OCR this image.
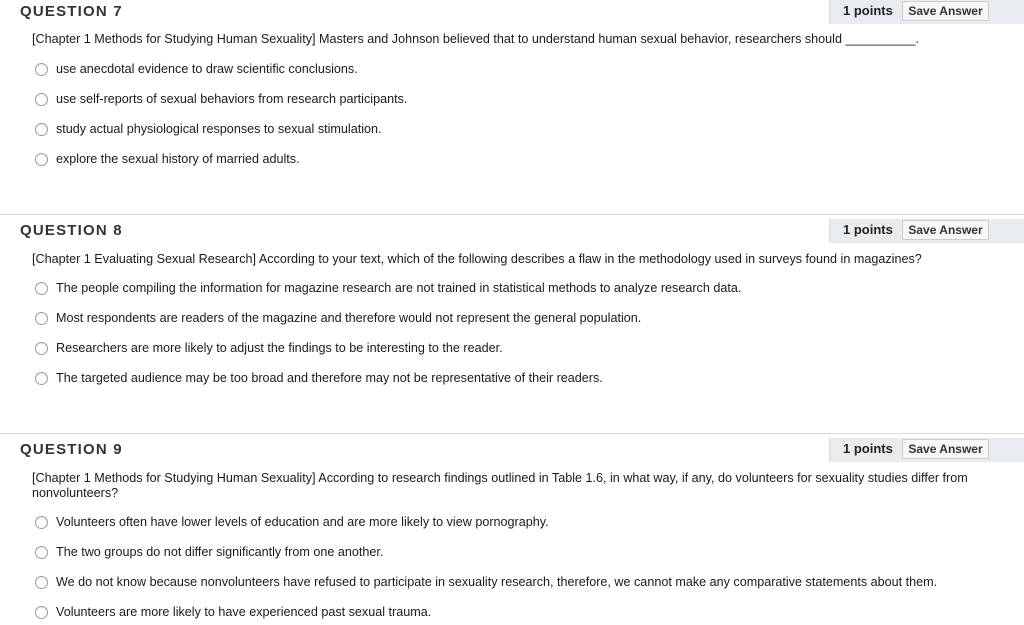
QUESTION 7	1 points	Save Answer
[Chapter 1 Methods for Studying Human Sexuality] Masters and Johnson believed that to understand human sexual behavior, researchers should __________.
use anecdotal evidence to draw scientific conclusions.
use self-reports of sexual behaviors from research participants.
study actual physiological responses to sexual stimulation.
explore the sexual history of married adults.
QUESTION 8	1 points	Save Answer
[Chapter 1 Evaluating Sexual Research] According to your text, which of the following describes a flaw in the methodology used in surveys found in magazines?
The people compiling the information for magazine research are not trained in statistical methods to analyze research data.
Most respondents are readers of the magazine and therefore would not represent the general population.
Researchers are more likely to adjust the findings to be interesting to the reader.
The targeted audience may be too broad and therefore may not be representative of their readers.
QUESTION 9	1 points	Save Answer
[Chapter 1 Methods for Studying Human Sexuality] According to research findings outlined in Table 1.6, in what way, if any, do volunteers for sexuality studies differ from nonvolunteers?
Volunteers often have lower levels of education and are more likely to view pornography.
The two groups do not differ significantly from one another.
We do not know because nonvolunteers have refused to participate in sexuality research, therefore, we cannot make any comparative statements about them.
Volunteers are more likely to have experienced past sexual trauma.
